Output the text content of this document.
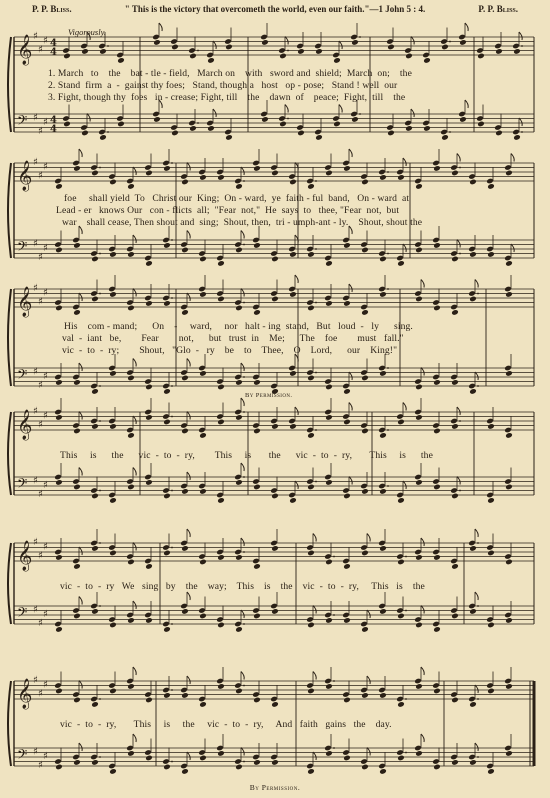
P. P. Bliss.	" This is the victory that overcometh the world, even our faith."—1 John 5 : 4.	P. P. Bliss.
Vigorously.
𝄞 ♯
♯
♯ 4
4
𝄢 ♯
♯
♯ 4
4
𝄞 ♯
♯
♯
𝄢 ♯
♯
♯
𝄞 ♯
♯
♯
𝄢 ♯
♯
♯
𝄞 ♯
♯
♯
𝄢 ♯
♯
♯
𝄞 ♯
♯
♯
𝄢 ♯
♯
♯
𝄞 ♯
♯
♯
𝄢 ♯
♯
♯
1. March   to    the    bat - tle - field,   March on    with   sword and  shield;  March  on;    the
2. Stand  firm  a  -  gainst thy foes;   Stand, though a   host   op - pose;   Stand ! well  our
3. Fight, though thy  foes   in - crease; Fight, till    the    dawn  of    peace;  Fight,  till    the
foe     shall yield  To   Christ our  King;  On - ward,  ye  faith - ful  band,   On - ward  at
Lead - er   knows Our   con - flicts  all;  "Fear  not,"  He  says  to   thee, "Fear  not,  but
war    shall cease, Then shout and  sing;  Shout, then,  tri - umph-ant - ly.    Shout, shout the
His    com - mand;      On    -     ward,     nor   halt - ing  stand,   But   loud  -   ly      sing.
val  -  iant   be,        Fear        not,      but   trust  in    Me;      The    foe        must   fall."
vic  -  to  -  ry;        Shout,   "Glo  -   ry    be    to    Thee,    O    Lord,      our    King!"
By Permission.
This     is      the      vic  -  to  -  ry,        This     is       the      vic  -  to  -  ry,       This     is      the
vic  -  to  -  ry   We   sing   by    the    way;    This    is    the    vic  -  to  -  ry,     This   is    the
vic  -  to  -  ry,       This     is     the     vic  -  to  -  ry,     And   faith   gains   the    day.
By Permission.
